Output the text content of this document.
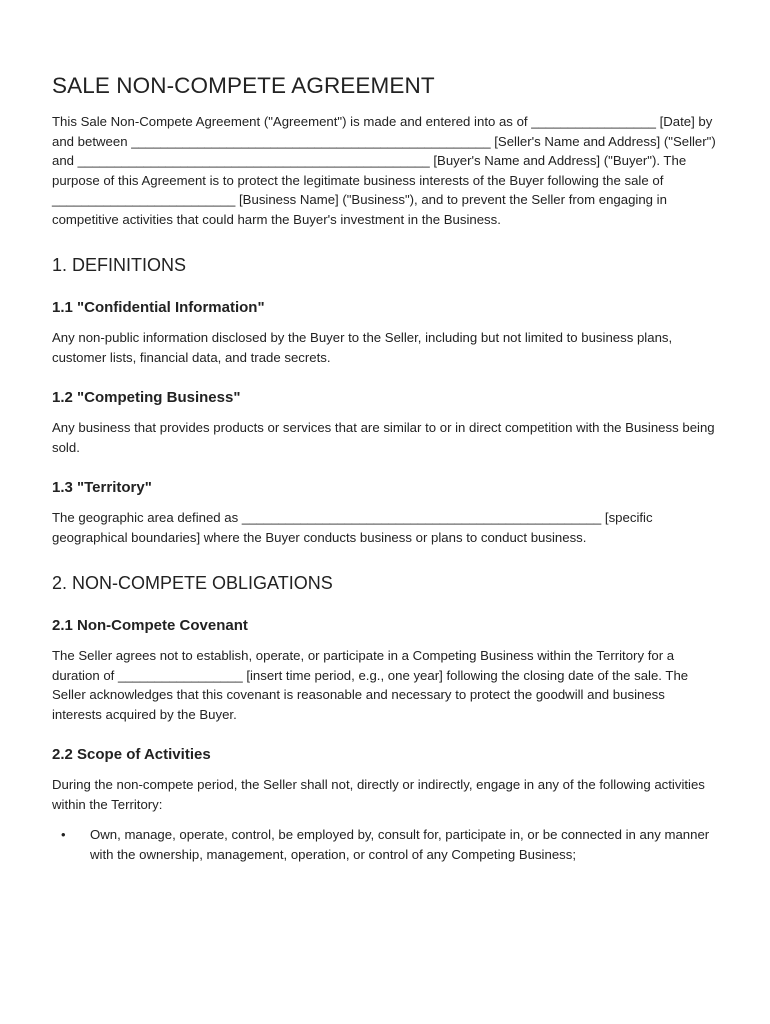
SALE NON-COMPETE AGREEMENT

This Sale Non-Compete Agreement ("Agreement") is made and entered into as of _________________ [Date] by and between _________________________________________________ [Seller's Name and Address] ("Seller") and ________________________________________________ [Buyer's Name and Address] ("Buyer"). The purpose of this Agreement is to protect the legitimate business interests of the Buyer following the sale of _________________________ [Business Name] ("Business"), and to prevent the Seller from engaging in competitive activities that could harm the Buyer's investment in the Business.

1. DEFINITIONS
1.1 "Confidential Information"

Any non-public information disclosed by the Buyer to the Seller, including but not limited to business plans, customer lists, financial data, and trade secrets.

1.2 "Competing Business"

Any business that provides products or services that are similar to or in direct competition with the Business being sold.

1.3 "Territory"

The geographic area defined as _________________________________________________ [specific geographical boundaries] where the Buyer conducts business or plans to conduct business.

2. NON-COMPETE OBLIGATIONS
2.1 Non-Compete Covenant

The Seller agrees not to establish, operate, or participate in a Competing Business within the Territory for a duration of _________________ [insert time period, e.g., one year] following the closing date of the sale. The Seller acknowledges that this covenant is reasonable and necessary to protect the goodwill and business interests acquired by the Buyer.

2.2 Scope of Activities

During the non-compete period, the Seller shall not, directly or indirectly, engage in any of the following activities within the Territory:

• Own, manage, operate, control, be employed by, consult for, participate in, or be connected in any manner with the ownership, management, operation, or control of any Competing Business;
